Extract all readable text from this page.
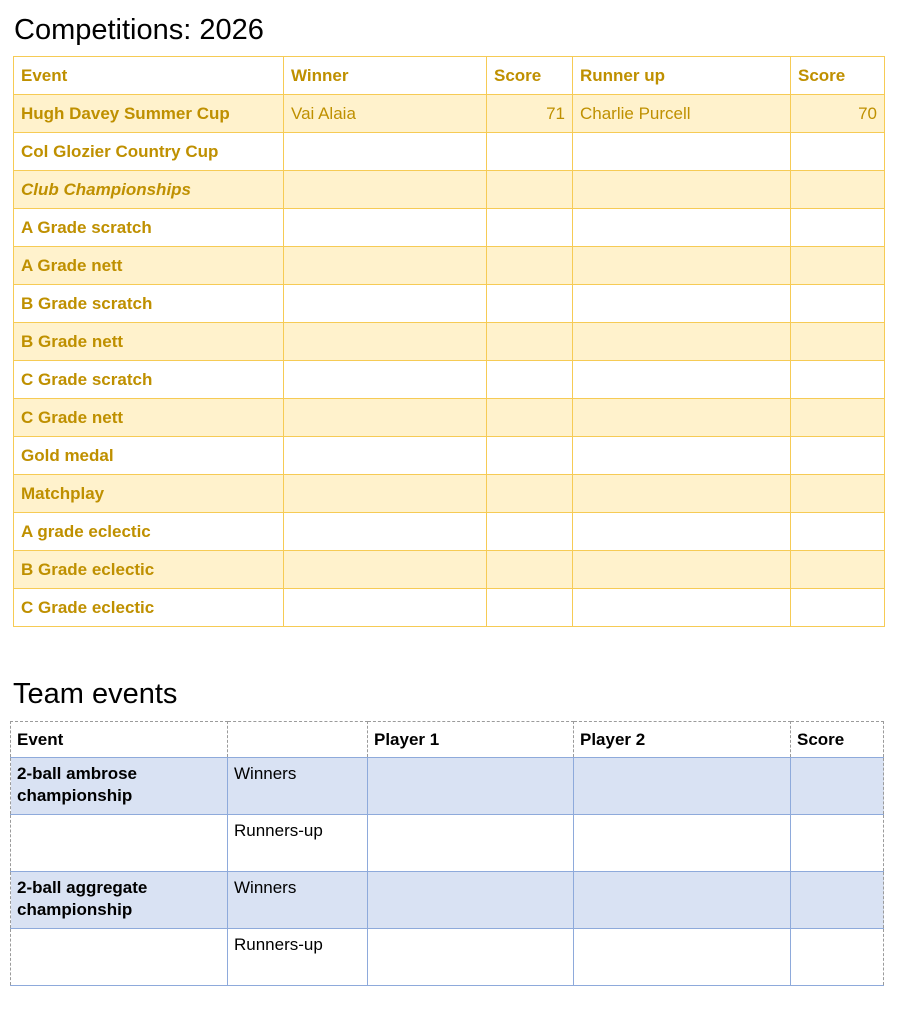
Competitions: 2026
Event	Winner	Score	Runner up	Score
Hugh Davey Summer Cup	Vai Alaia	71	Charlie Purcell	70
Col Glozier Country Cup				
Club Championships				
A Grade scratch				
A Grade nett				
B Grade scratch				
B Grade nett				
C Grade scratch				
C Grade nett				
Gold medal				
Matchplay				
A grade eclectic				
B Grade eclectic				
C Grade eclectic				
Team events
Event		Player 1	Player 2	Score
2-ball ambrose championship	Winners			
	Runners-up			
2-ball aggregate championship	Winners			
	Runners-up			
